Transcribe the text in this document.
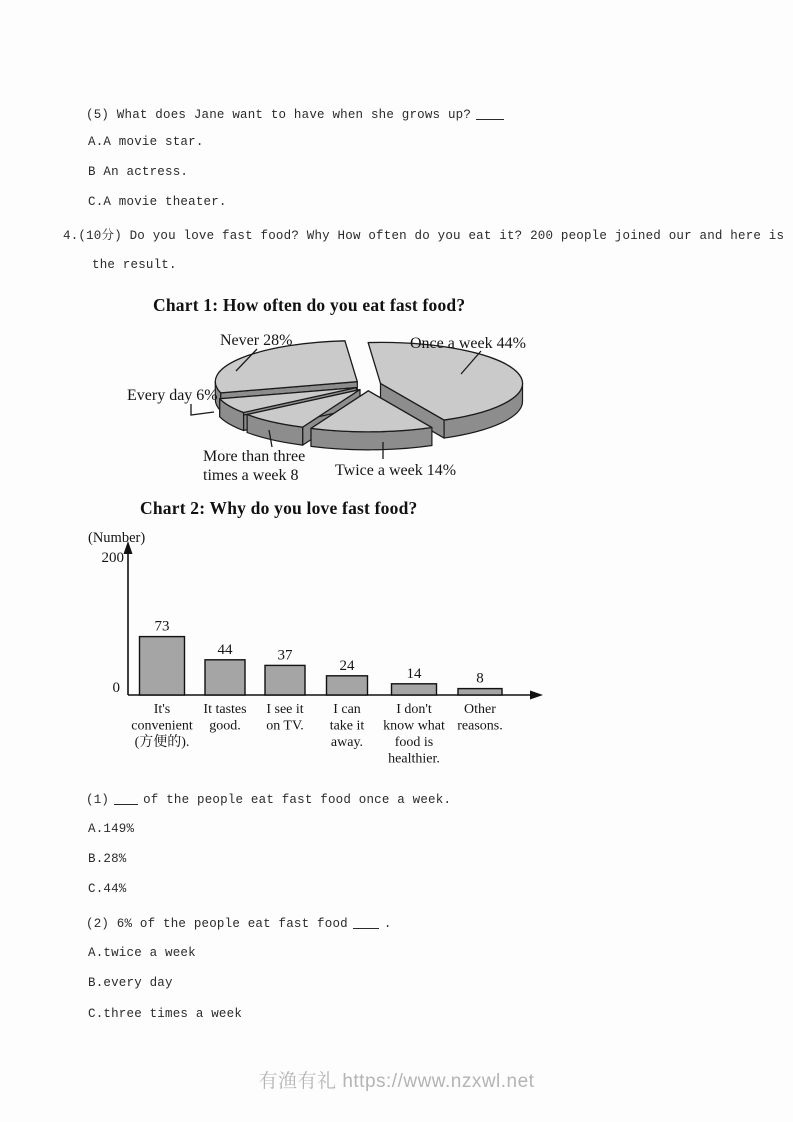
(5) What does Jane want to have when she grows up?
A.A movie star.
B An actress.
C.A movie theater.
4.(10分) Do you love fast food? Why How often do you eat it? 200 people joined our and here is
the result.
Chart 1: How often do you eat fast food?
Once a week 44%
Twice a week 14%
More than three
times a week 8
Every day 6%
Never 28%
Chart 2: Why do you love fast food?
(Number)
200
0
73
It's
convenient
(方便的).
44
It tastes
good.
37
I see it
on TV.
24
I can
take it
away.
14
I don't
know what
food is
healthier.
8
Other
reasons.
(1)	of the people eat fast food once a week.
A.149%
B.28%
C.44%
(2) 6% of the people eat fast food	.
A.twice a week
B.every day
C.three times a week
有渔有礼 https://www.nzxwl.net
